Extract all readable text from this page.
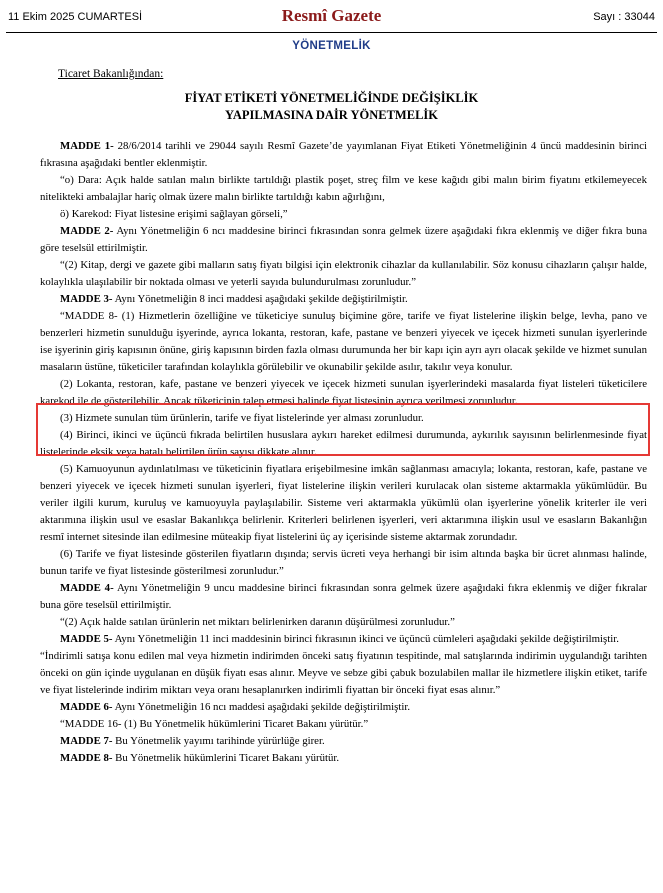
11 Ekim 2025 CUMARTESİ	Resmî Gazete	Sayı : 33044
YÖNETMELİK
Ticaret Bakanlığından:
FİYAT ETİKETİ YÖNETMELİĞİNDE DEĞİŞİKLİK
YAPILMASINA DAİR YÖNETMELİK

MADDE 1- 28/6/2014 tarihli ve 29044 sayılı Resmî Gazete’de yayımlanan Fiyat Etiketi Yönetmeliğinin 4 üncü maddesinin birinci fıkrasına aşağıdaki bentler eklenmiştir.

“o) Dara: Açık halde satılan malın birlikte tartıldığı plastik poşet, streç film ve kese kağıdı gibi malın birim fiyatını etkilemeyecek nitelikteki ambalajlar hariç olmak üzere malın birlikte tartıldığı kabın ağırlığını,

ö) Karekod: Fiyat listesine erişimi sağlayan görseli,”

MADDE 2- Aynı Yönetmeliğin 6 ncı maddesine birinci fıkrasından sonra gelmek üzere aşağıdaki fıkra eklenmiş ve diğer fıkra buna göre teselsül ettirilmiştir.

“(2) Kitap, dergi ve gazete gibi malların satış fiyatı bilgisi için elektronik cihazlar da kullanılabilir. Söz konusu cihazların çalışır halde, kolaylıkla ulaşılabilir bir noktada olması ve yeterli sayıda bulundurulması zorunludur.”

MADDE 3- Aynı Yönetmeliğin 8 inci maddesi aşağıdaki şekilde değiştirilmiştir.

“MADDE 8- (1) Hizmetlerin özelliğine ve tüketiciye sunuluş biçimine göre, tarife ve fiyat listelerine ilişkin belge, levha, pano ve benzerleri hizmetin sunulduğu işyerinde, ayrıca lokanta, restoran, kafe, pastane ve benzeri yiyecek ve içecek hizmeti sunulan işyerlerinde ise işyerinin giriş kapısının önüne, giriş kapısının birden fazla olması durumunda her bir kapı için ayrı ayrı olacak şekilde ve hizmet sunulan masaların üstüne, tüketiciler tarafından kolaylıkla görülebilir ve okunabilir şekilde asılır, takılır veya konulur.

(2) Lokanta, restoran, kafe, pastane ve benzeri yiyecek ve içecek hizmeti sunulan işyerlerindeki masalarda fiyat listeleri tüketicilere karekod ile de gösterilebilir. Ancak tüketicinin talep etmesi halinde fiyat listesinin ayrıca verilmesi zorunludur.

(3) Hizmete sunulan tüm ürünlerin, tarife ve fiyat listelerinde yer alması zorunludur.

(4) Birinci, ikinci ve üçüncü fıkrada belirtilen hususlara aykırı hareket edilmesi durumunda, aykırılık sayısının belirlenmesinde fiyat listelerinde eksik veya hatalı belirtilen ürün sayısı dikkate alınır.

(5) Kamuoyunun aydınlatılması ve tüketicinin fiyatlara erişebilmesine imkân sağlanması amacıyla; lokanta, restoran, kafe, pastane ve benzeri yiyecek ve içecek hizmeti sunulan işyerleri, fiyat listelerine ilişkin verileri kurulacak olan sisteme aktarmakla yükümlüdür. Bu veriler ilgili kurum, kuruluş ve kamuoyuyla paylaşılabilir. Sisteme veri aktarmakla yükümlü olan işyerlerine yönelik kriterler ile veri aktarımına ilişkin usul ve esaslar Bakanlıkça belirlenir. Kriterleri belirlenen işyerleri, veri aktarımına ilişkin usul ve esasların Bakanlığın resmî internet sitesinde ilan edilmesine müteakip fiyat listelerini üç ay içerisinde sisteme aktarmak zorundadır.

(6) Tarife ve fiyat listesinde gösterilen fiyatların dışında; servis ücreti veya herhangi bir isim altında başka bir ücret alınması halinde, bunun tarife ve fiyat listesinde gösterilmesi zorunludur.”

MADDE 4- Aynı Yönetmeliğin 9 uncu maddesine birinci fıkrasından sonra gelmek üzere aşağıdaki fıkra eklenmiş ve diğer fıkralar buna göre teselsül ettirilmiştir.

“(2) Açık halde satılan ürünlerin net miktarı belirlenirken daranın düşürülmesi zorunludur.”

MADDE 5- Aynı Yönetmeliğin 11 inci maddesinin birinci fıkrasının ikinci ve üçüncü cümleleri aşağıdaki şekilde değiştirilmiştir.

“İndirimli satışa konu edilen mal veya hizmetin indirimden önceki satış fiyatının tespitinde, mal satışlarında indirimin uygulandığı tarihten önceki on gün içinde uygulanan en düşük fiyatı esas alınır. Meyve ve sebze gibi çabuk bozulabilen mallar ile hizmetlere ilişkin etiket, tarife ve fiyat listelerinde indirim miktarı veya oranı hesaplanırken indirimli fiyattan bir önceki fiyat esas alınır.”

MADDE 6- Aynı Yönetmeliğin 16 ncı maddesi aşağıdaki şekilde değiştirilmiştir.

“MADDE 16- (1) Bu Yönetmelik hükümlerini Ticaret Bakanı yürütür.”

MADDE 7- Bu Yönetmelik yayımı tarihinde yürürlüğe girer.

MADDE 8- Bu Yönetmelik hükümlerini Ticaret Bakanı yürütür.
